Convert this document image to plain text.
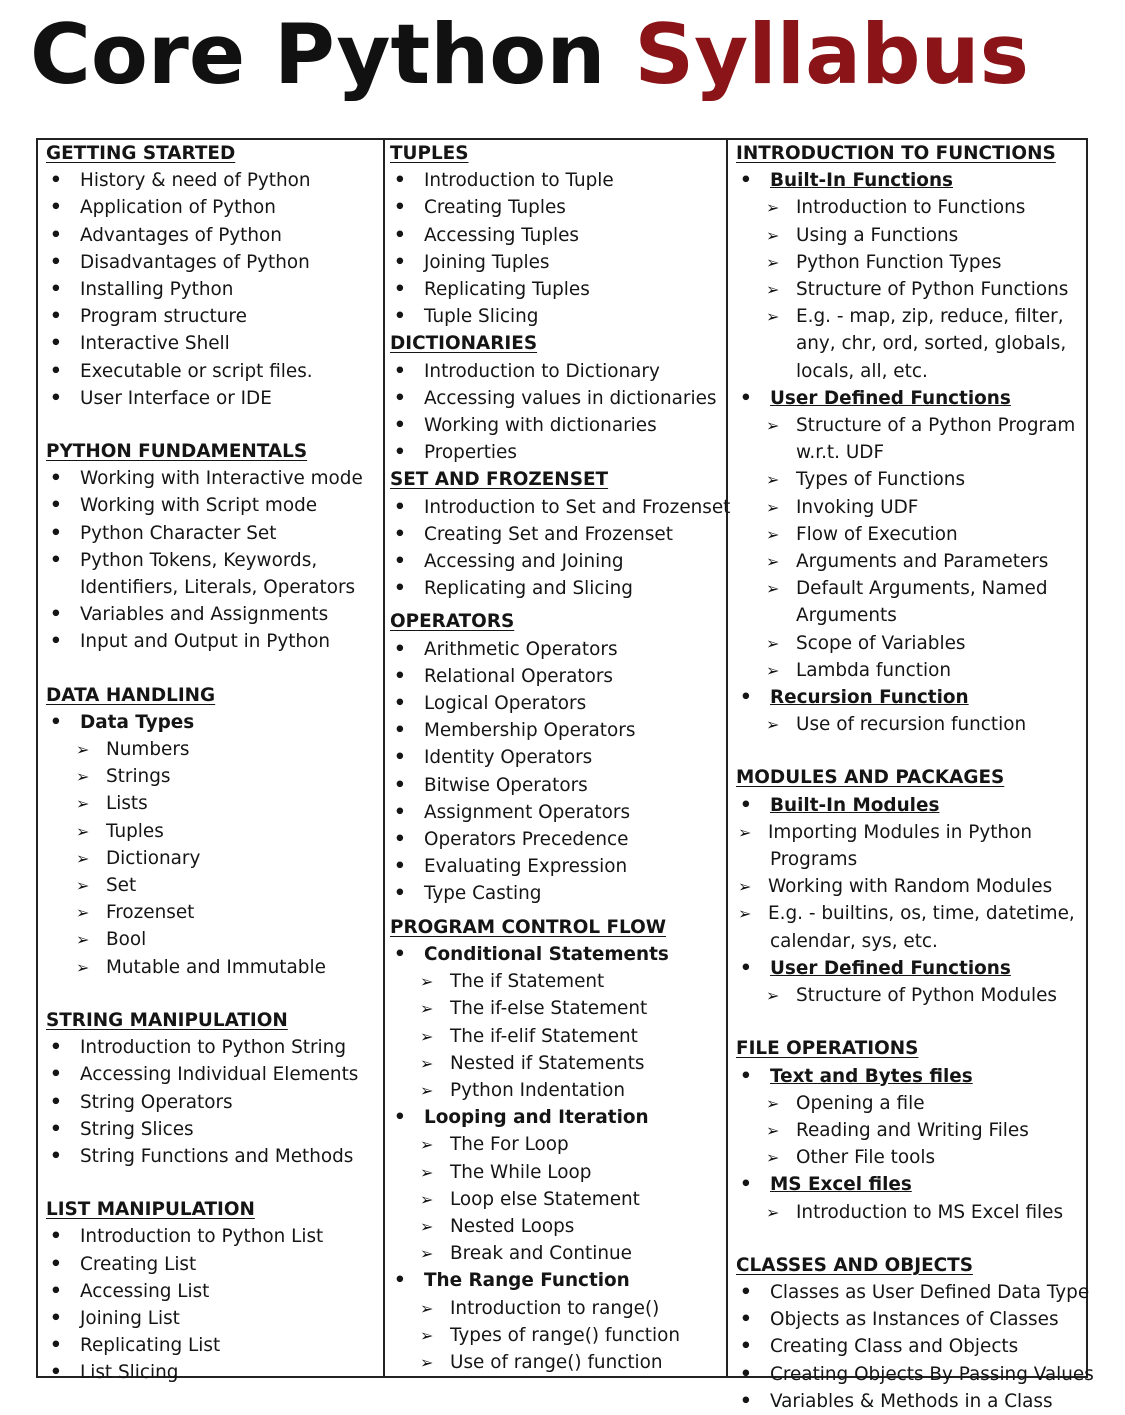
Core Python Syllabus
GETTING STARTED
• History & need of Python
• Application of Python
• Advantages of Python
• Disadvantages of Python
• Installing Python
• Program structure
• Interactive Shell
• Executable or script files.
• User Interface or IDE
PYTHON FUNDAMENTALS
• Working with Interactive mode
• Working with Script mode
• Python Character Set
• Python Tokens, Keywords,
Identifiers, Literals, Operators
• Variables and Assignments
• Input and Output in Python
DATA HANDLING
• Data Types
➢ Numbers
➢ Strings
➢ Lists
➢ Tuples
➢ Dictionary
➢ Set
➢ Frozenset
➢ Bool
➢ Mutable and Immutable
STRING MANIPULATION
• Introduction to Python String
• Accessing Individual Elements
• String Operators
• String Slices
• String Functions and Methods
LIST MANIPULATION
• Introduction to Python List
• Creating List
• Accessing List
• Joining List
• Replicating List
• List Slicing
TUPLES
• Introduction to Tuple
• Creating Tuples
• Accessing Tuples
• Joining Tuples
• Replicating Tuples
• Tuple Slicing
DICTIONARIES
• Introduction to Dictionary
• Accessing values in dictionaries
• Working with dictionaries
• Properties
SET AND FROZENSET
• Introduction to Set and Frozenset
• Creating Set and Frozenset
• Accessing and Joining
• Replicating and Slicing
OPERATORS
• Arithmetic Operators
• Relational Operators
• Logical Operators
• Membership Operators
• Identity Operators
• Bitwise Operators
• Assignment Operators
• Operators Precedence
• Evaluating Expression
• Type Casting
PROGRAM CONTROL FLOW
• Conditional Statements
➢ The if Statement
➢ The if-else Statement
➢ The if-elif Statement
➢ Nested if Statements
➢ Python Indentation
• Looping and Iteration
➢ The For Loop
➢ The While Loop
➢ Loop else Statement
➢ Nested Loops
➢ Break and Continue
• The Range Function
➢ Introduction to range()
➢ Types of range() function
➢ Use of range() function
INTRODUCTION TO FUNCTIONS
• Built-In Functions
➢ Introduction to Functions
➢ Using a Functions
➢ Python Function Types
➢ Structure of Python Functions
➢ E.g. - map, zip, reduce, filter,
any, chr, ord, sorted, globals,
locals, all, etc.
• User Defined Functions
➢ Structure of a Python Program
w.r.t. UDF
➢ Types of Functions
➢ Invoking UDF
➢ Flow of Execution
➢ Arguments and Parameters
➢ Default Arguments, Named
Arguments
➢ Scope of Variables
➢ Lambda function
• Recursion Function
➢ Use of recursion function
MODULES AND PACKAGES
• Built-In Modules
➢ Importing Modules in Python
Programs
➢ Working with Random Modules
➢ E.g. - builtins, os, time, datetime,
calendar, sys, etc.
• User Defined Functions
➢ Structure of Python Modules
FILE OPERATIONS
• Text and Bytes files
➢ Opening a file
➢ Reading and Writing Files
➢ Other File tools
• MS Excel files
➢ Introduction to MS Excel files
CLASSES AND OBJECTS
• Classes as User Defined Data Type
• Objects as Instances of Classes
• Creating Class and Objects
• Creating Objects By Passing Values
• Variables & Methods in a Class
